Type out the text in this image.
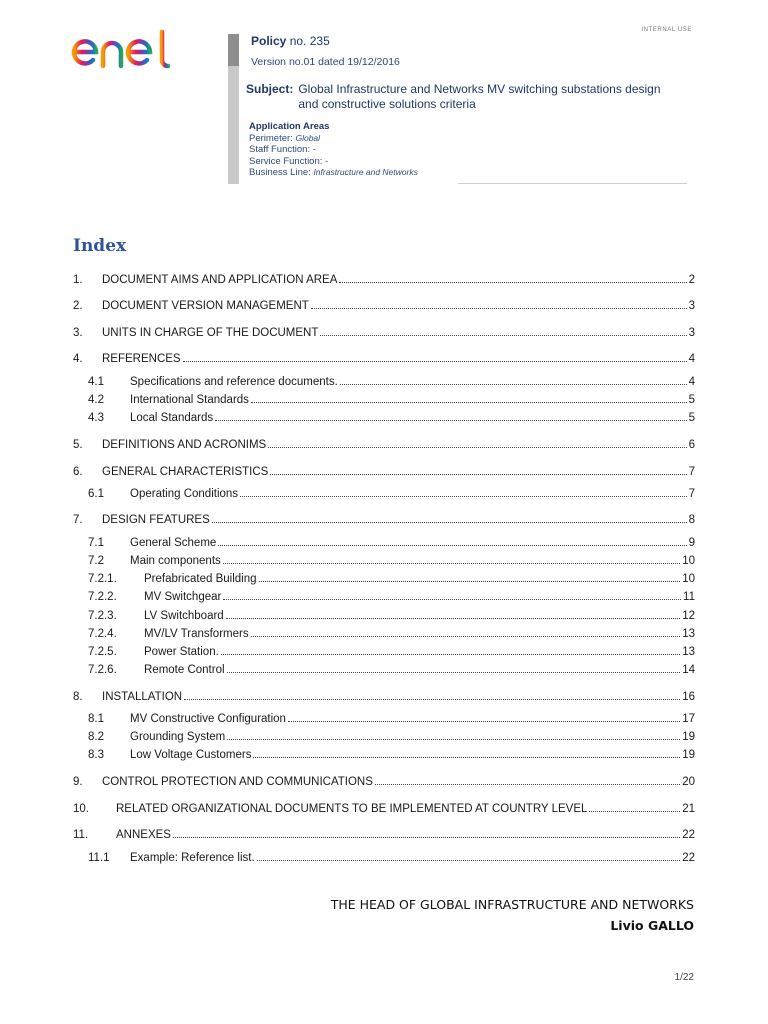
INTERNAL USE
Policy no. 235
Version no.01 dated 19/12/2016
Subject: Global Infrastructure and Networks MV switching substations design
and constructive solutions criteria
Application Areas
Perimeter: Global
Staff Function: -
Service Function: -
Business Line: Infrastructure and Networks
Index
1.	DOCUMENT AIMS AND APPLICATION AREA	2
2.	DOCUMENT VERSION MANAGEMENT	3
3.	UNITS IN CHARGE OF THE DOCUMENT	3
4.	REFERENCES	4
4.1	Specifications and reference documents.	4
4.2	International Standards	5
4.3	Local Standards	5
5.	DEFINITIONS AND ACRONIMS	6
6.	GENERAL CHARACTERISTICS	7
6.1	Operating Conditions	7
7.	DESIGN FEATURES	8
7.1	General Scheme	9
7.2	Main components	10
7.2.1.	Prefabricated Building	10
7.2.2.	MV Switchgear	11
7.2.3.	LV Switchboard	12
7.2.4.	MV/LV Transformers	13
7.2.5.	Power Station.	13
7.2.6.	Remote Control	14
8.	INSTALLATION	16
8.1	MV Constructive Configuration	17
8.2	Grounding System	19
8.3	Low Voltage Customers	19
9.	CONTROL PROTECTION AND COMMUNICATIONS	20
10.	RELATED ORGANIZATIONAL DOCUMENTS TO BE IMPLEMENTED AT COUNTRY LEVEL	21
11.	ANNEXES	22
11.1	Example: Reference list.	22
THE HEAD OF GLOBAL INFRASTRUCTURE AND NETWORKS
Livio GALLO
1/22
